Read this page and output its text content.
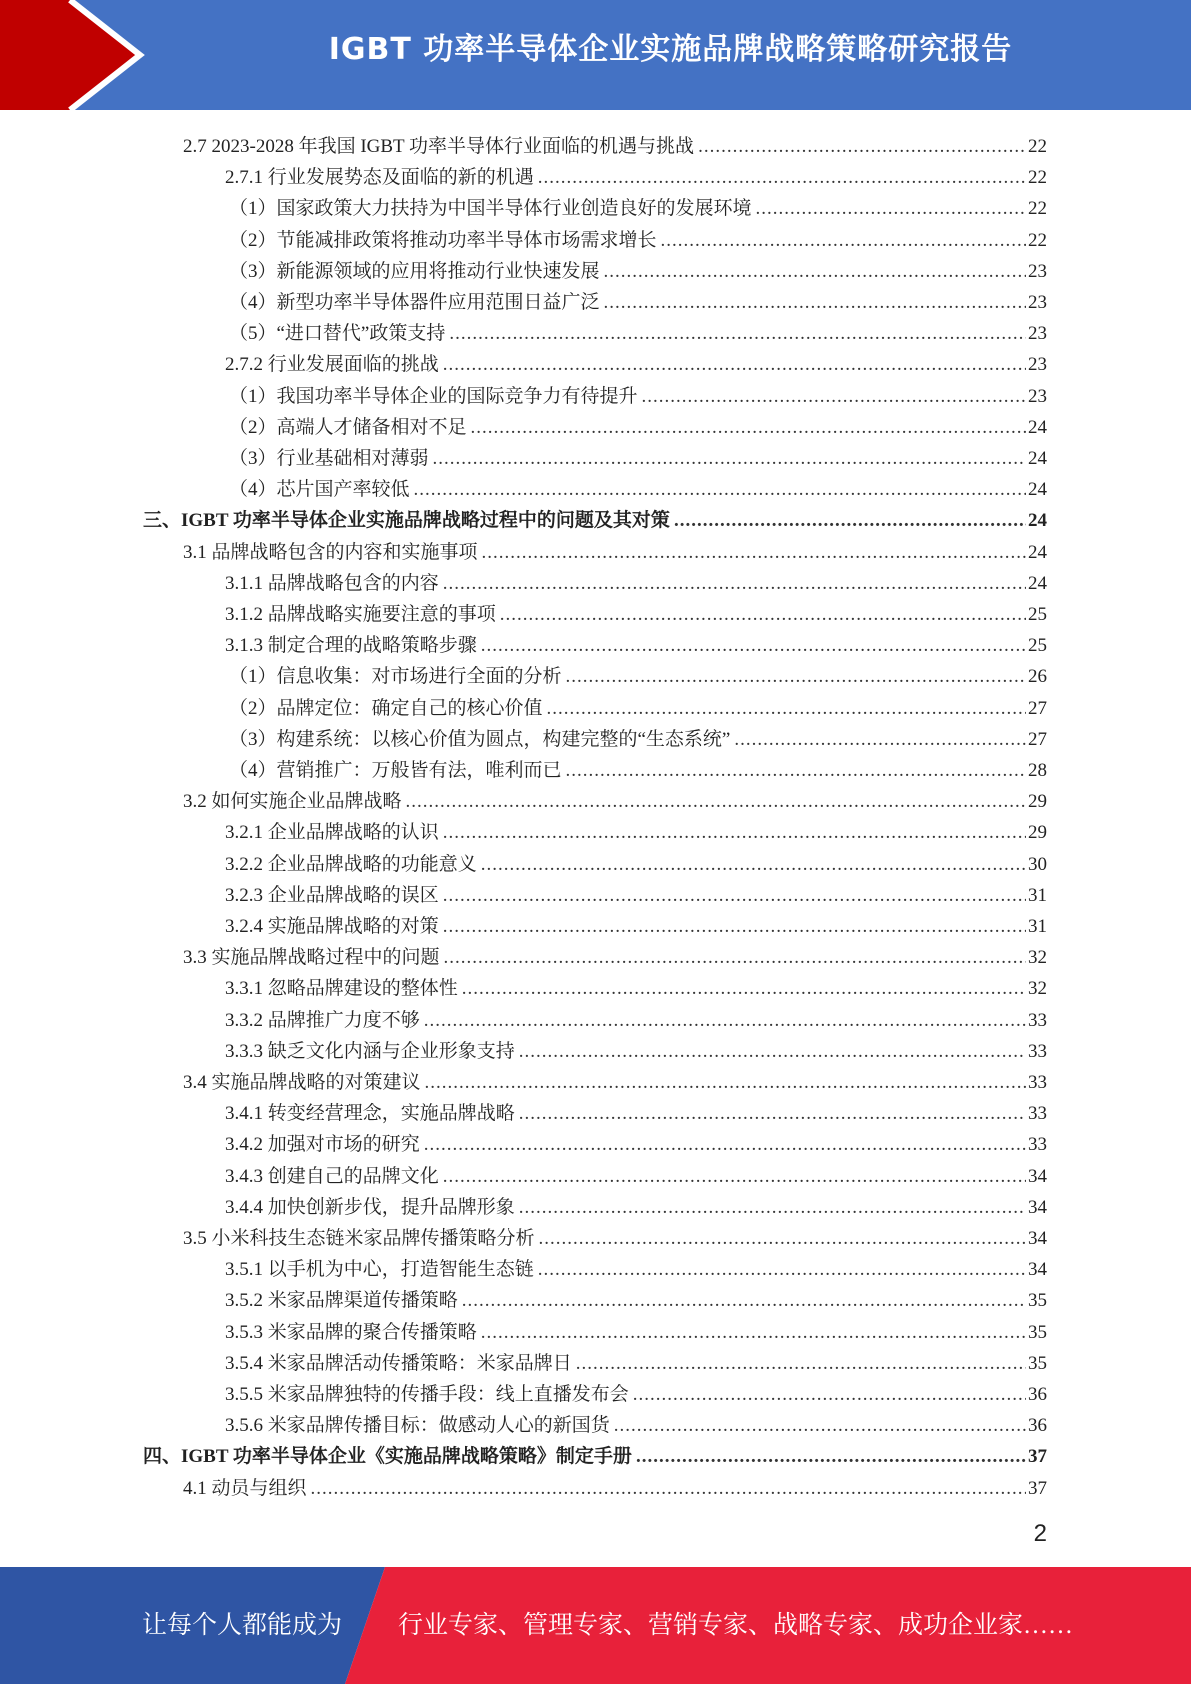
IGBT 功率半导体企业实施品牌战略策略研究报告
2.7 2023-2028 年我国 IGBT 功率半导体行业面临的机遇与挑战 .....	22
2.7.1 行业发展势态及面临的新的机遇 .....	22
（1）国家政策大力扶持为中国半导体行业创造良好的发展环境 .....	22
（2）节能减排政策将推动功率半导体市场需求增长 .....	22
（3）新能源领域的应用将推动行业快速发展 .....	23
（4）新型功率半导体器件应用范围日益广泛 .....	23
（5）“进口替代”政策支持 .....	23
2.7.2 行业发展面临的挑战 .....	23
（1）我国功率半导体企业的国际竞争力有待提升 .....	23
（2）高端人才储备相对不足 .....	24
（3）行业基础相对薄弱 .....	24
（4）芯片国产率较低 .....	24
三、IGBT 功率半导体企业实施品牌战略过程中的问题及其对策 .....	24
3.1 品牌战略包含的内容和实施事项 .....	24
3.1.1 品牌战略包含的内容 .....	24
3.1.2 品牌战略实施要注意的事项 .....	25
3.1.3 制定合理的战略策略步骤 .....	25
（1）信息收集：对市场进行全面的分析 .....	26
（2）品牌定位：确定自己的核心价值 .....	27
（3）构建系统：以核心价值为圆点，构建完整的“生态系统” .....	27
（4）营销推广：万般皆有法，唯利而已 .....	28
3.2 如何实施企业品牌战略 .....	29
3.2.1 企业品牌战略的认识 .....	29
3.2.2 企业品牌战略的功能意义 .....	30
3.2.3 企业品牌战略的误区 .....	31
3.2.4 实施品牌战略的对策 .....	31
3.3 实施品牌战略过程中的问题 .....	32
3.3.1 忽略品牌建设的整体性 .....	32
3.3.2 品牌推广力度不够 .....	33
3.3.3 缺乏文化内涵与企业形象支持 .....	33
3.4 实施品牌战略的对策建议 .....	33
3.4.1 转变经营理念，实施品牌战略 .....	33
3.4.2 加强对市场的研究 .....	33
3.4.3 创建自己的品牌文化 .....	34
3.4.4 加快创新步伐，提升品牌形象 .....	34
3.5 小米科技生态链米家品牌传播策略分析 .....	34
3.5.1 以手机为中心，打造智能生态链 .....	34
3.5.2 米家品牌渠道传播策略 .....	35
3.5.3 米家品牌的聚合传播策略 .....	35
3.5.4 米家品牌活动传播策略：米家品牌日 .....	35
3.5.5 米家品牌独特的传播手段：线上直播发布会 .....	36
3.5.6 米家品牌传播目标：做感动人心的新国货 .....	36
四、IGBT 功率半导体企业《实施品牌战略策略》制定手册 .....	37
4.1 动员与组织 .....	37
2
让每个人都能成为 行业专家、管理专家、营销专家、战略专家、成功企业家……
